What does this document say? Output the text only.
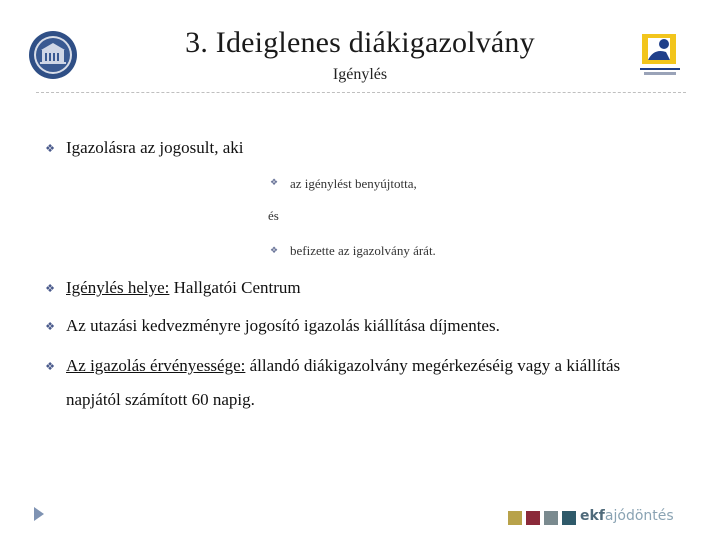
3. Ideiglenes diákigazolvány
Igénylés
❖ Igazolásra az jogosult, aki
❖ az igénylést benyújtotta,
és
❖ befizette az igazolvány árát.
❖ Igénylés helye: Hallgatói Centrum
❖ Az utazási kedvezményre jogosító igazolás kiállítása díjmentes.
❖ Az igazolás érvényessége: állandó diákigazolvány megérkezéséig vagy a kiállítás
napjától számított 60 napig.
ekfajódöntés
